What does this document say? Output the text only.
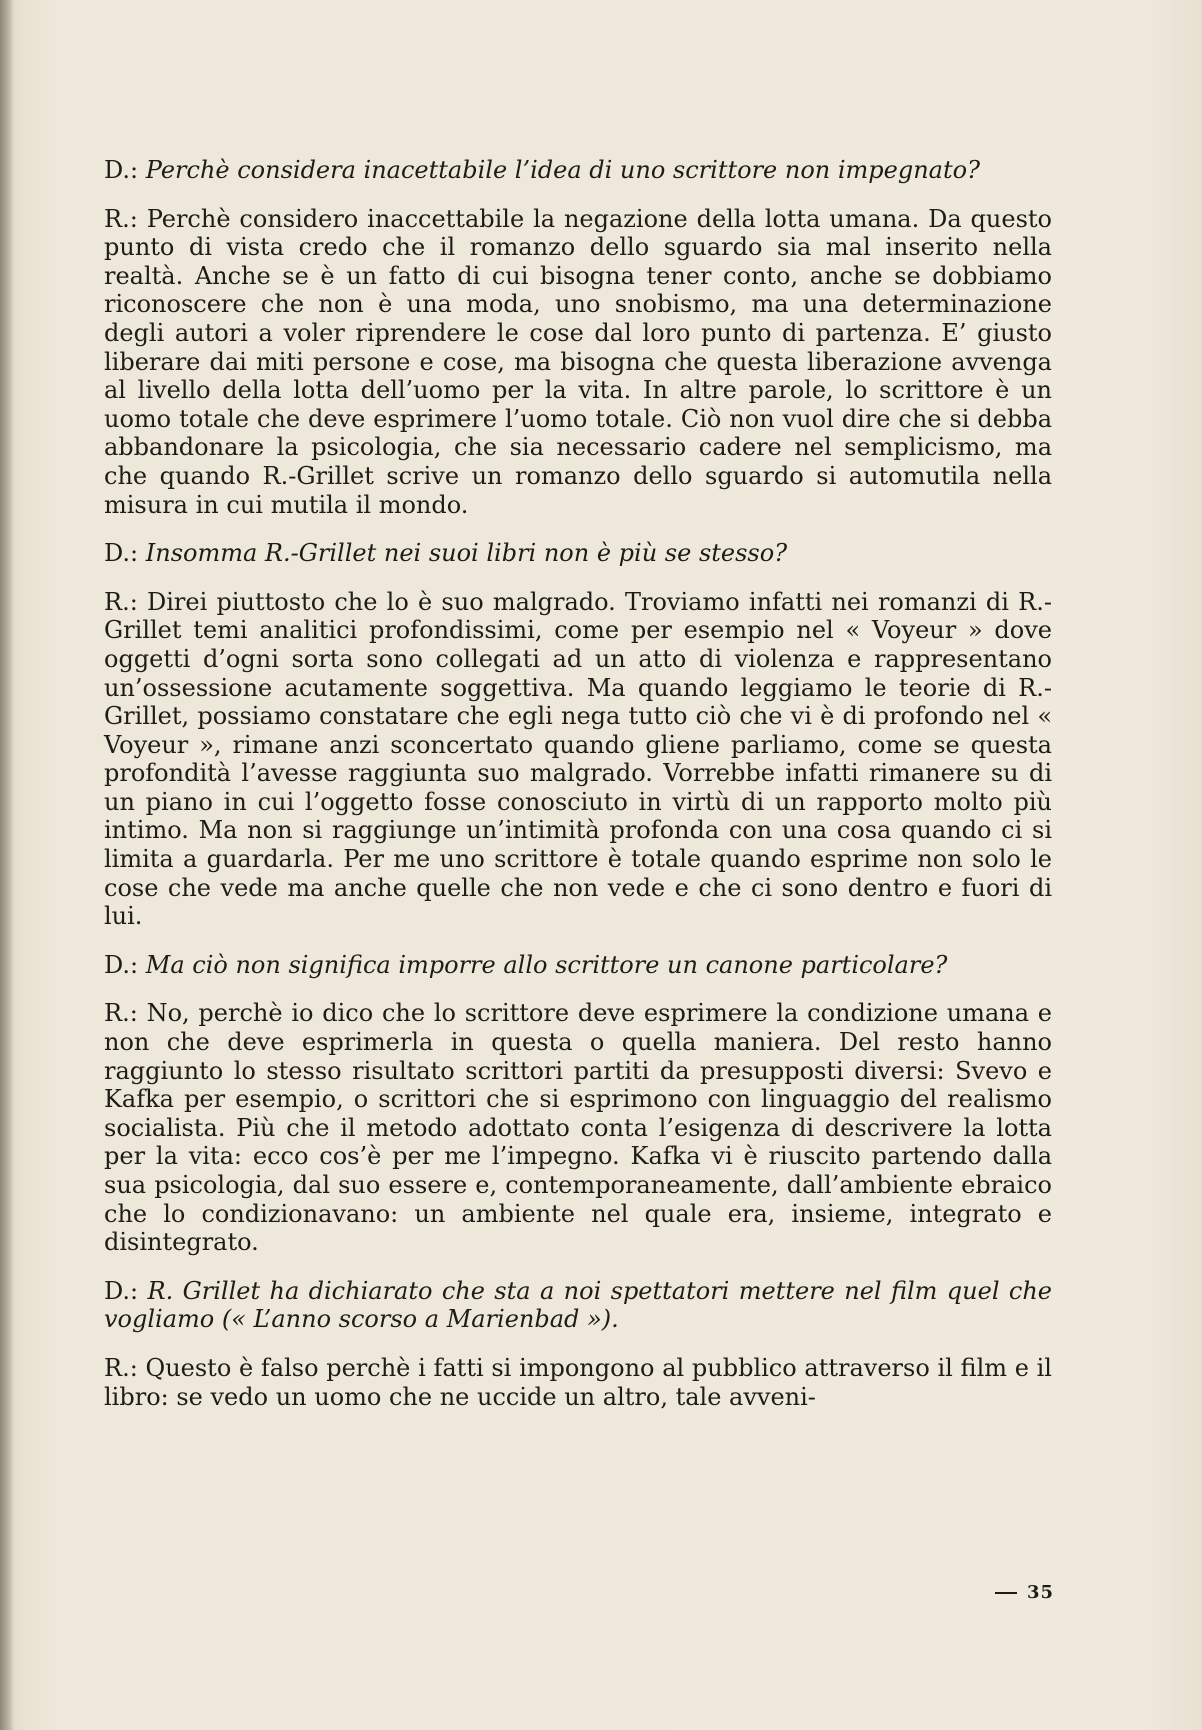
D.: Perchè considera inacettabile l’idea di uno scrittore non impegnato?

R.: Perchè considero inaccettabile la negazione della lotta umana. Da questo punto di vista credo che il romanzo dello sguardo sia mal inserito nella realtà. Anche se è un fatto di cui bisogna tener conto, anche se dobbiamo riconoscere che non è una moda, uno snobismo, ma una determinazione degli autori a voler riprendere le cose dal loro punto di partenza. E’ giusto liberare dai miti persone e cose, ma bisogna che questa liberazione avvenga al livello della lotta dell’uomo per la vita. In altre parole, lo scrittore è un uomo totale che deve esprimere l’uomo totale. Ciò non vuol dire che si debba abbandonare la psicologia, che sia necessario cadere nel semplicismo, ma che quando R.-Grillet scrive un romanzo dello sguardo si automutila nella misura in cui mutila il mondo.

D.: Insomma R.-Grillet nei suoi libri non è più se stesso?

R.: Direi piuttosto che lo è suo malgrado. Troviamo infatti nei romanzi di R.-Grillet temi analitici profondissimi, come per esempio nel « Voyeur » dove oggetti d’ogni sorta sono collegati ad un atto di violenza e rappresentano un’ossessione acutamente soggettiva. Ma quando leggiamo le teorie di R.-Grillet, possiamo constatare che egli nega tutto ciò che vi è di profondo nel « Voyeur », rimane anzi sconcertato quando gliene parliamo, come se questa profondità l’avesse raggiunta suo malgrado. Vorrebbe infatti rimanere su di un piano in cui l’oggetto fosse conosciuto in virtù di un rapporto molto più intimo. Ma non si raggiunge un’intimità profonda con una cosa quando ci si limita a guardarla. Per me uno scrittore è totale quando esprime non solo le cose che vede ma anche quelle che non vede e che ci sono dentro e fuori di lui.

D.: Ma ciò non significa imporre allo scrittore un canone particolare?

R.: No, perchè io dico che lo scrittore deve esprimere la condizione umana e non che deve esprimerla in questa o quella maniera. Del resto hanno raggiunto lo stesso risultato scrittori partiti da presupposti diversi: Svevo e Kafka per esempio, o scrittori che si esprimono con linguaggio del realismo socialista. Più che il metodo adottato conta l’esigenza di descrivere la lotta per la vita: ecco cos’è per me l’impegno. Kafka vi è riuscito partendo dalla sua psicologia, dal suo essere e, contemporaneamente, dall’ambiente ebraico che lo condizionavano: un ambiente nel quale era, insieme, integrato e disintegrato.

D.: R. Grillet ha dichiarato che sta a noi spettatori mettere nel film quel che vogliamo (« L’anno scorso a Marienbad »).

R.: Questo è falso perchè i fatti si impongono al pubblico attraverso il film e il libro: se vedo un uomo che ne uccide un altro, tale avveni-

35
